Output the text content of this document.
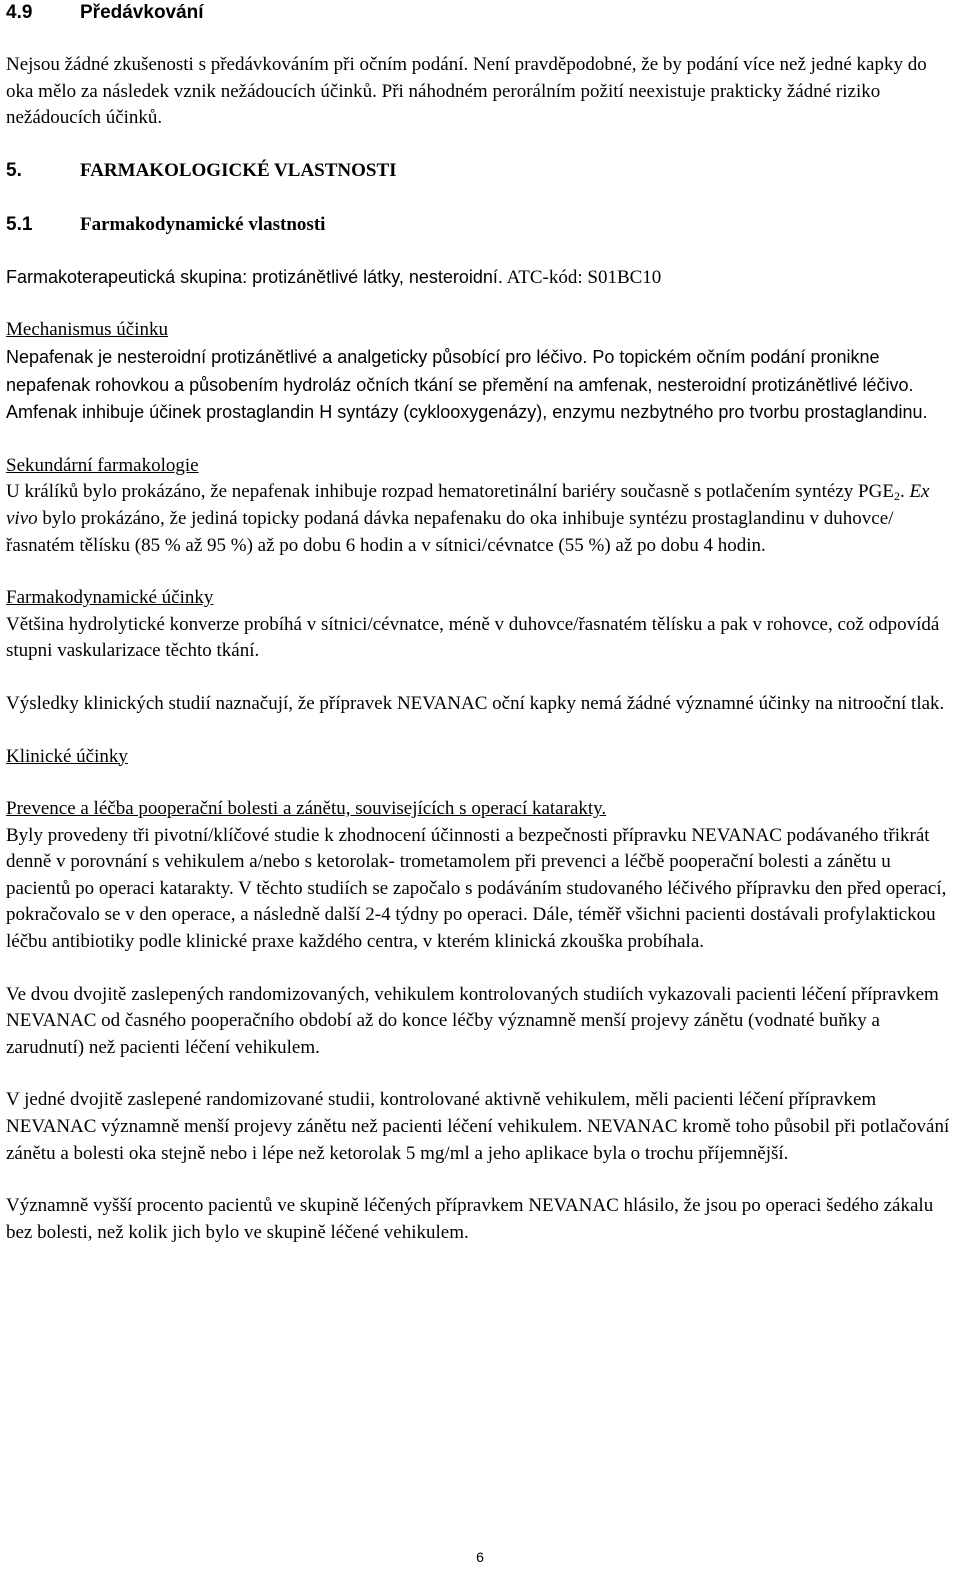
4.9	Předávkování

Nejsou žádné zkušenosti s předávkováním při očním podání. Není pravděpodobné, že by podání více než jedné kapky do oka mělo za následek vznik nežádoucích účinků. Při náhodném perorálním požití neexistuje prakticky žádné riziko nežádoucích účinků.

5.	FARMAKOLOGICKÉ VLASTNOSTI
5.1	Farmakodynamické vlastnosti

Farmakoterapeutická skupina: protizánětlivé látky, nesteroidní. ATC-kód: S01BC10

Mechanismus účinku

Nepafenak je nesteroidní protizánětlivé a analgeticky působící pro léčivo. Po topickém očním podání pronikne nepafenak rohovkou a působením hydroláz očních tkání se přemění na amfenak, nesteroidní protizánětlivé léčivo. Amfenak inhibuje účinek prostaglandin H syntázy (cyklooxygenázy), enzymu nezbytného pro tvorbu prostaglandinu.

Sekundární farmakologie

U králíků bylo prokázáno, že nepafenak inhibuje rozpad hematoretinální bariéry současně s potlačením syntézy $PGE_2$. Ex vivo bylo prokázáno, že jediná topicky podaná dávka nepafenaku do oka inhibuje syntézu prostaglandinu v duhovce/řasnatém tělísku (85 % až 95 %) až po dobu 6 hodin a v sítnici/cévnatce (55 %) až po dobu 4 hodin.

Farmakodynamické účinky

Většina hydrolytické konverze probíhá v sítnici/cévnatce, méně v duhovce/řasnatém tělísku a pak v rohovce, což odpovídá stupni vaskularizace těchto tkání.

Výsledky klinických studií naznačují, že přípravek NEVANAC oční kapky nemá žádné významné účinky na nitrooční tlak.

Klinické účinky

Prevence a léčba pooperační bolesti a zánětu, souvisejících s operací katarakty.

Byly provedeny tři pivotní/klíčové studie k zhodnocení účinnosti a bezpečnosti přípravku NEVANAC podávaného třikrát denně v porovnání s vehikulem a/nebo s ketorolak- trometamolem při prevenci a léčbě pooperační bolesti a zánětu u pacientů po operaci katarakty. V těchto studiích se započalo s podáváním studovaného léčivého přípravku den před operací, pokračovalo se v den operace, a následně další 2-4 týdny po operaci. Dále, téměř všichni pacienti dostávali profylaktickou léčbu antibiotiky podle klinické praxe každého centra, v kterém klinická zkouška probíhala.

Ve dvou dvojitě zaslepených randomizovaných, vehikulem kontrolovaných studiích vykazovali pacienti léčení přípravkem NEVANAC od časného pooperačního období až do konce léčby významně menší projevy zánětu (vodnaté buňky a zarudnutí) než pacienti léčení vehikulem.

V jedné dvojitě zaslepené randomizované studii, kontrolované aktivně vehikulem, měli pacienti léčení přípravkem NEVANAC významně menší projevy zánětu než pacienti léčení vehikulem. NEVANAC kromě toho působil při potlačování zánětu a bolesti oka stejně nebo i lépe než ketorolak 5 mg/ml a jeho aplikace byla o trochu příjemnější.

Významně vyšší procento pacientů ve skupině léčených přípravkem NEVANAC hlásilo, že jsou po operaci šedého zákalu bez bolesti, než kolik jich bylo ve skupině léčené vehikulem.

6
